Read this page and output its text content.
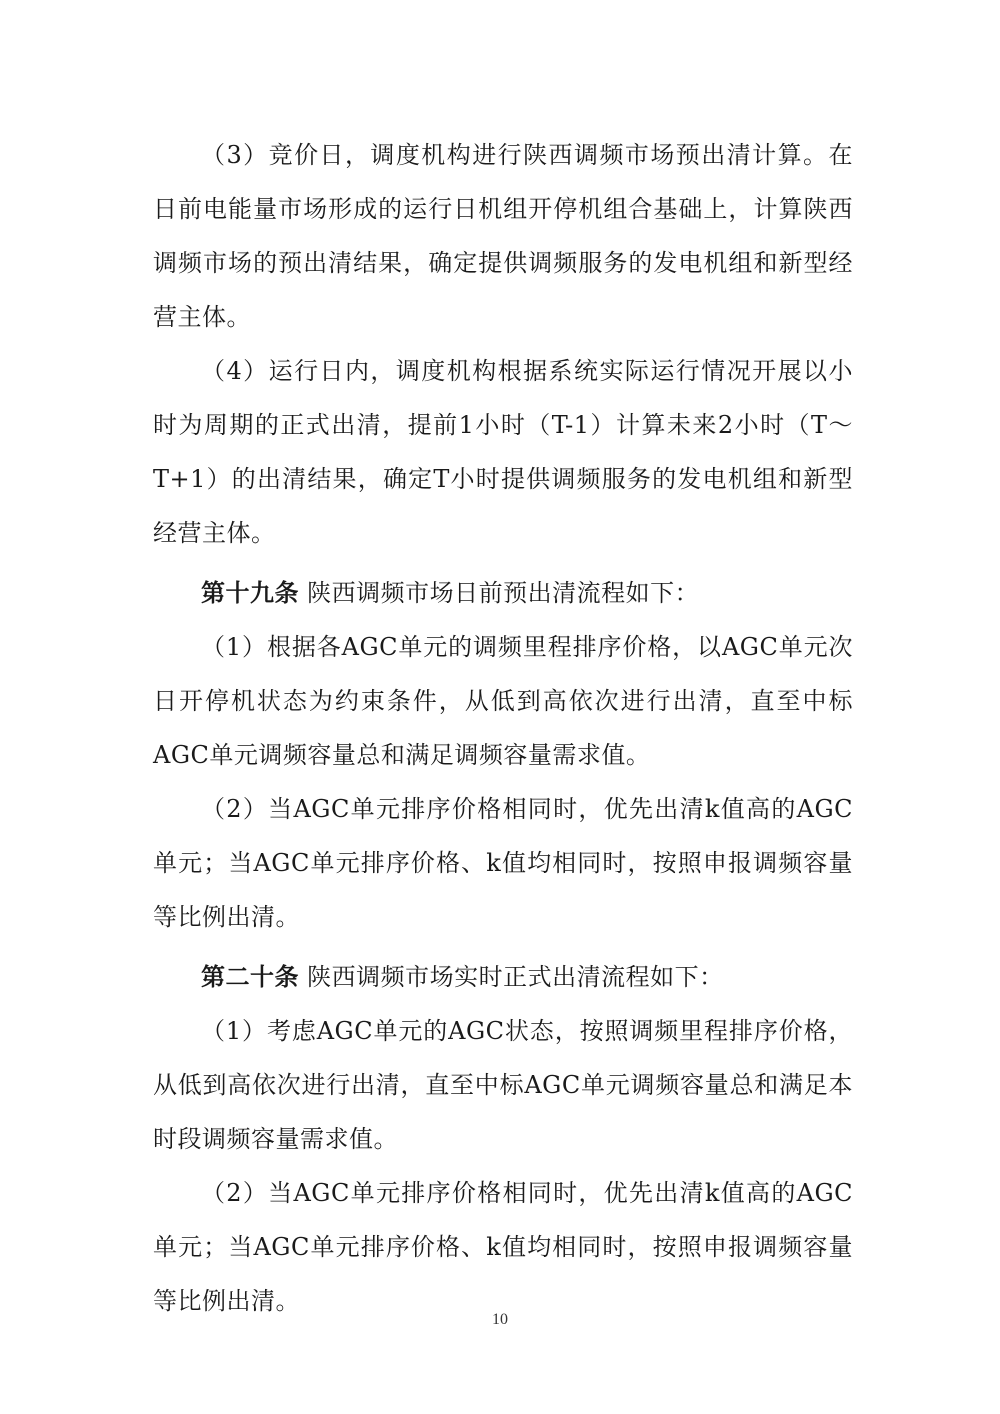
（3）竞价日，调度机构进行陕西调频市场预出清计算。在日前电能量市场形成的运行日机组开停机组合基础上，计算陕西调频市场的预出清结果，确定提供调频服务的发电机组和新型经营主体。

（4）运行日内，调度机构根据系统实际运行情况开展以小时为周期的正式出清，提前1小时（T-1）计算未来2小时（T～T+1）的出清结果，确定T小时提供调频服务的发电机组和新型经营主体。

第十九条 陕西调频市场日前预出清流程如下：

（1）根据各AGC单元的调频里程排序价格，以AGC单元次日开停机状态为约束条件，从低到高依次进行出清，直至中标AGC单元调频容量总和满足调频容量需求值。

（2）当AGC单元排序价格相同时，优先出清k值高的AGC单元；当AGC单元排序价格、k值均相同时，按照申报调频容量等比例出清。

第二十条 陕西调频市场实时正式出清流程如下：

（1）考虑AGC单元的AGC状态，按照调频里程排序价格，从低到高依次进行出清，直至中标AGC单元调频容量总和满足本时段调频容量需求值。

（2）当AGC单元排序价格相同时，优先出清k值高的AGC单元；当AGC单元排序价格、k值均相同时，按照申报调频容量等比例出清。

10
